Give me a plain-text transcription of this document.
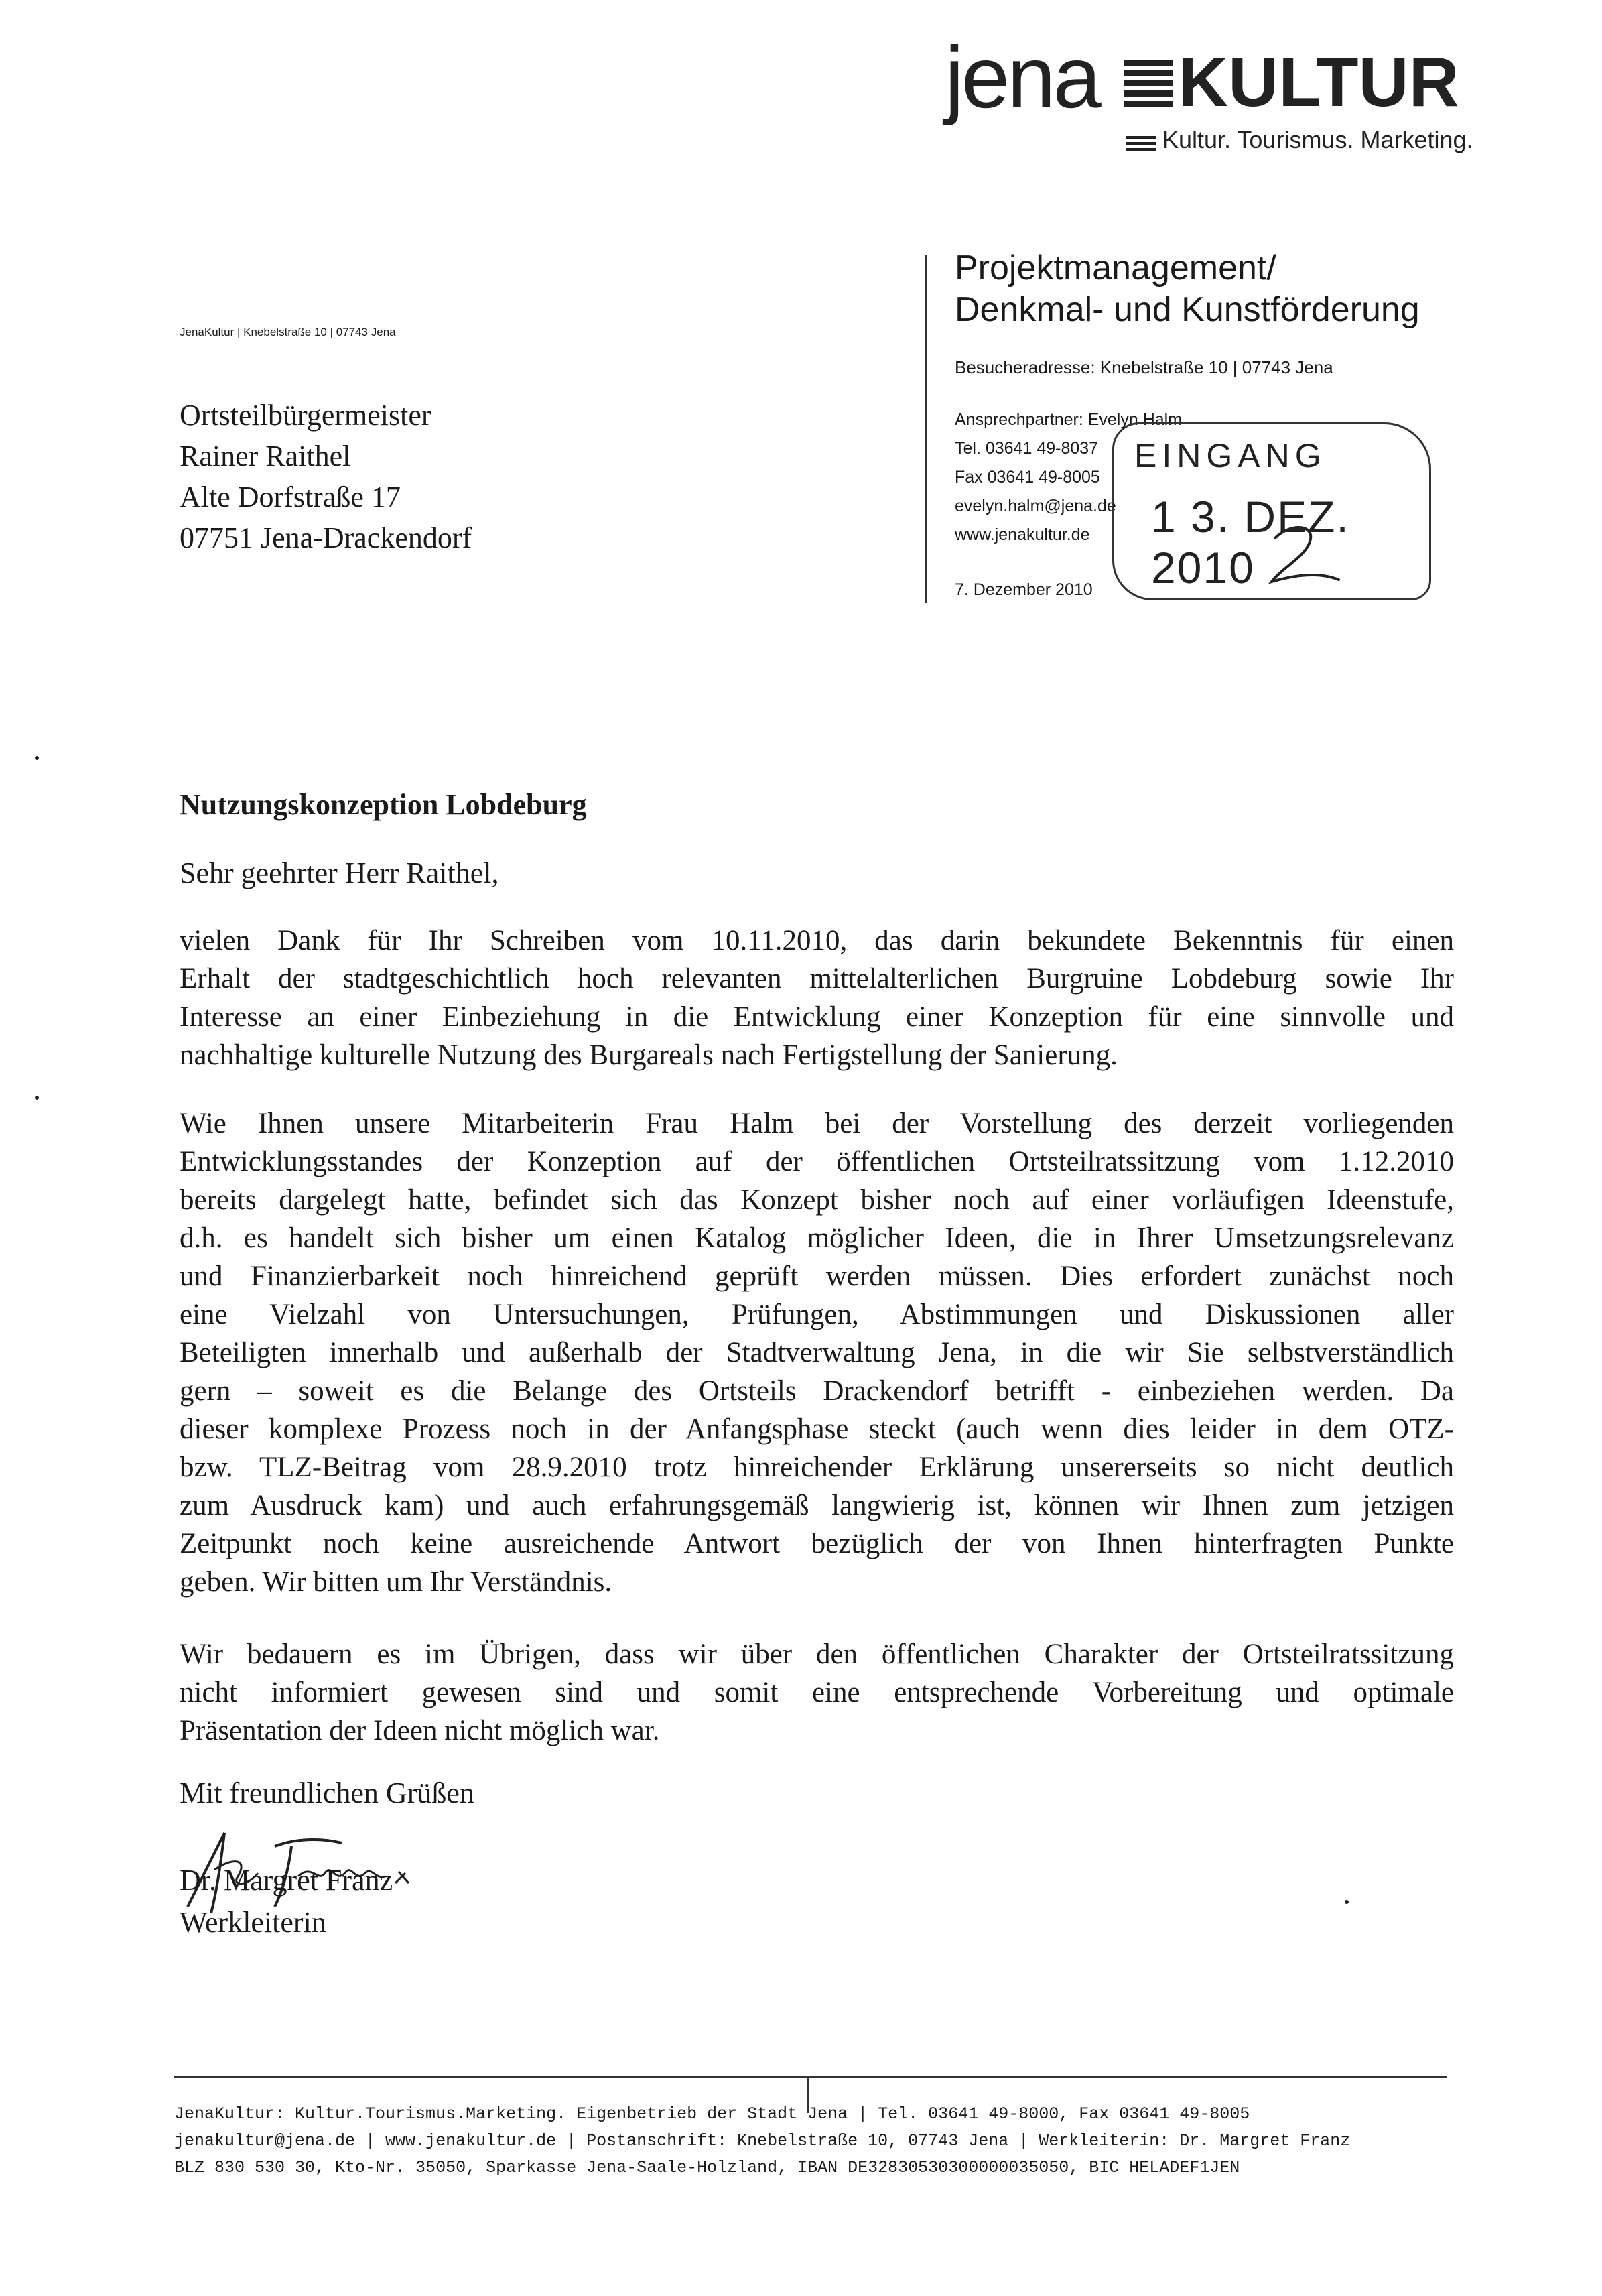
jena KULTUR
Kultur. Tourismus. Marketing.
Projektmanagement/
Denkmal- und Kunstförderung
Besucheradresse: Knebelstraße 10 | 07743 Jena
Ansprechpartner: Evelyn Halm
Tel. 03641 49-8037
Fax 03641 49-8005
evelyn.halm@jena.de
www.jenakultur.de
7. Dezember 2010
EINGANG
1 3. DEZ. 2010
JenaKultur | Knebelstraße 10 | 07743 Jena
Ortsteilbürgermeister
Rainer Raithel
Alte Dorfstraße 17
07751 Jena-Drackendorf
Nutzungskonzeption Lobdeburg
Sehr geehrter Herr Raithel,
vielen Dank für Ihr Schreiben vom 10.11.2010, das darin bekundete Bekenntnis für einen
Erhalt der stadtgeschichtlich hoch relevanten mittelalterlichen Burgruine Lobdeburg sowie Ihr
Interesse an einer Einbeziehung in die Entwicklung einer Konzeption für eine sinnvolle und
nachhaltige kulturelle Nutzung des Burgareals nach Fertigstellung der Sanierung.
Wie Ihnen unsere Mitarbeiterin Frau Halm bei der Vorstellung des derzeit vorliegenden
Entwicklungsstandes der Konzeption auf der öffentlichen Ortsteilratssitzung vom 1.12.2010
bereits dargelegt hatte, befindet sich das Konzept bisher noch auf einer vorläufigen Ideenstufe,
d.h. es handelt sich bisher um einen Katalog möglicher Ideen, die in Ihrer Umsetzungsrelevanz
und Finanzierbarkeit noch hinreichend geprüft werden müssen. Dies erfordert zunächst noch
eine Vielzahl von Untersuchungen, Prüfungen, Abstimmungen und Diskussionen aller
Beteiligten innerhalb und außerhalb der Stadtverwaltung Jena, in die wir Sie selbstverständlich
gern – soweit es die Belange des Ortsteils Drackendorf betrifft - einbeziehen werden. Da
dieser komplexe Prozess noch in der Anfangsphase steckt (auch wenn dies leider in dem OTZ-
bzw. TLZ-Beitrag vom 28.9.2010 trotz hinreichender Erklärung unsererseits so nicht deutlich
zum Ausdruck kam) und auch erfahrungsgemäß langwierig ist, können wir Ihnen zum jetzigen
Zeitpunkt noch keine ausreichende Antwort bezüglich der von Ihnen hinterfragten Punkte
geben. Wir bitten um Ihr Verständnis.
Wir bedauern es im Übrigen, dass wir über den öffentlichen Charakter der Ortsteilratssitzung
nicht informiert gewesen sind und somit eine entsprechende Vorbereitung und optimale
Präsentation der Ideen nicht möglich war.
Mit freundlichen Grüßen
Dr. Margret Franz
Werkleiterin
JenaKultur: Kultur.Tourismus.Marketing. Eigenbetrieb der Stadt Jena | Tel. 03641 49-8000, Fax 03641 49-8005
jenakultur@jena.de | www.jenakultur.de | Postanschrift: Knebelstraße 10, 07743 Jena | Werkleiterin: Dr. Margret Franz
BLZ 830 530 30, Kto-Nr. 35050, Sparkasse Jena-Saale-Holzland, IBAN DE32830530300000035050, BIC HELADEF1JEN
